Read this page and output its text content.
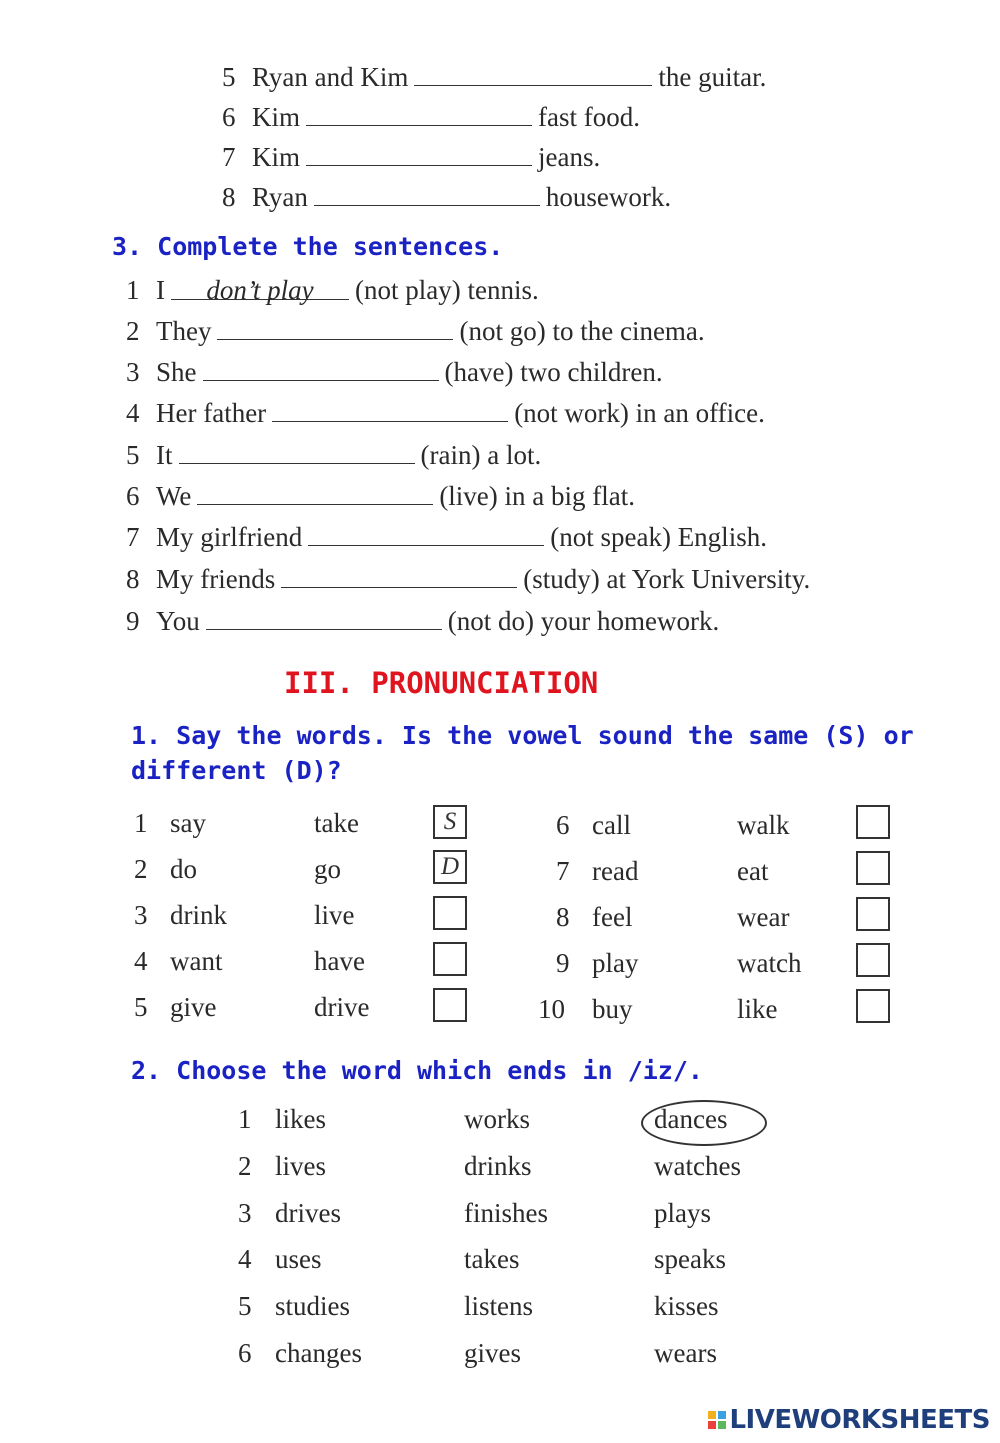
5 Ryan and Kim	the guitar.
6 Kim	fast food.
7 Kim	jeans.
8 Ryan	housework.
3. Complete the sentences.
1 I	don’t play	(not play) tennis.
2 They	(not go) to the cinema.
3 She	(have) two children.
4 Her father	(not work) in an office.
5 It	(rain) a lot.
6 We	(live) in a big flat.
7 My girlfriend	(not speak) English.
8 My friends	(study) at York University.
9 You	(not do) your homework.
III. PRONUNCIATION
1. Say the words. Is the vowel sound the same (S) or
different (D)?
1 say	take	S
2 do	go	D
3 drink	live
4 want	have
5 give	drive
6 call	walk
7 read	eat
8 feel	wear
9 play	watch
10 buy	like
2. Choose the word which ends in /iz/.
1 likes	works	dances
2 lives	drinks	watches
3 drives	finishes	plays
4 uses	takes	speaks
5 studies	listens	kisses
6 changes	gives	wears
LIVEWORKSHEETS
